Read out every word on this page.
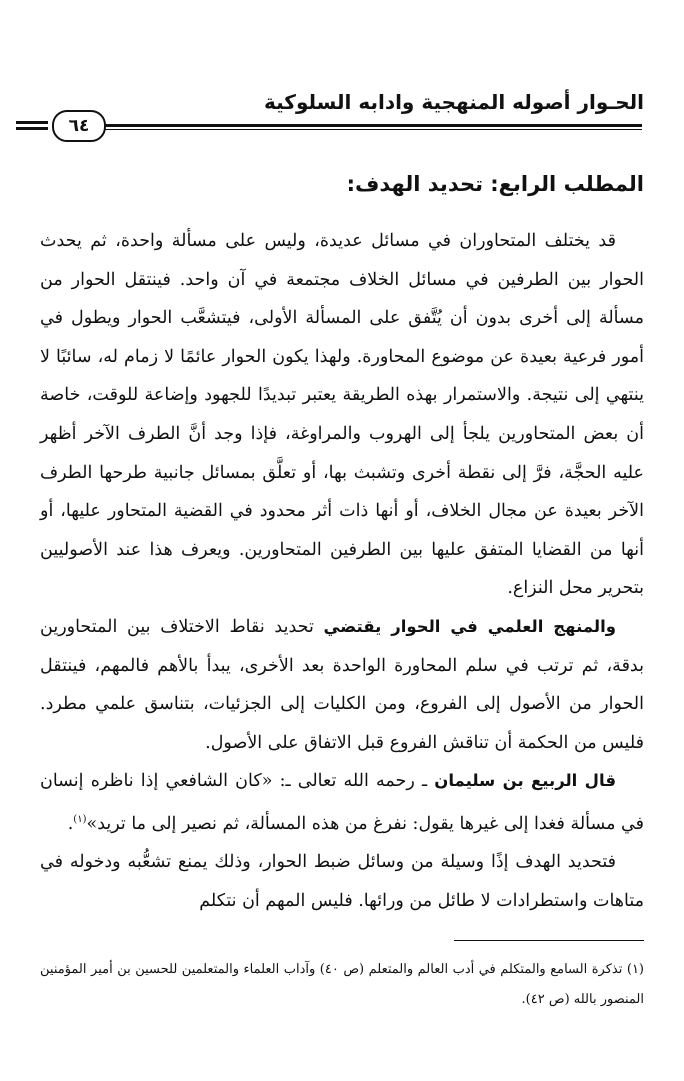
الحـوار أصوله المنهجية وادابه السلوكية
٦٤
المطلب الرابع: تحديد الهدف:

قد يختلف المتحاوران في مسائل عديدة، وليس على مسألة واحدة، ثم يحدث الحوار بين الطرفين في مسائل الخلاف مجتمعة في آن واحد. فينتقل الحوار من مسألة إلى أخرى بدون أن يُتَّفق على المسألة الأولى، فيتشعَّب الحوار ويطول في أمور فرعية بعيدة عن موضوع المحاورة. ولهذا يكون الحوار عائمًا لا زمام له، سائبًا لا ينتهي إلى نتيجة. والاستمرار بهذه الطريقة يعتبر تبديدًا للجهود وإضاعة للوقت، خاصة أن بعض المتحاورين يلجأ إلى الهروب والمراوغة، فإذا وجد أنَّ الطرف الآخر أظهر عليه الحجَّة، فرَّ إلى نقطة أخرى وتشبث بها، أو تعلَّق بمسائل جانبية طرحها الطرف الآخر بعيدة عن مجال الخلاف، أو أنها ذات أثر محدود في القضية المتحاور عليها، أو أنها من القضايا المتفق عليها بين الطرفين المتحاورين. ويعرف هذا عند الأصوليين بتحرير محل النزاع.

والمنهج العلمي في الحوار يقتضي تحديد نقاط الاختلاف بين المتحاورين بدقة، ثم ترتب في سلم المحاورة الواحدة بعد الأخرى، يبدأ بالأهم فالمهم، فينتقل الحوار من الأصول إلى الفروع، ومن الكليات إلى الجزئيات، بتناسق علمي مطرد. فليس من الحكمة أن تناقش الفروع قبل الاتفاق على الأصول.

قال الربيع بن سليمان ـ رحمه الله تعالى ـ: «كان الشافعي إذا ناظره إنسان في مسألة فغدا إلى غيرها يقول: نفرغ من هذه المسألة، ثم نصير إلى ما تريد»$^{(١)}$.

فتحديد الهدف إذًا وسيلة من وسائل ضبط الحوار، وذلك يمنع تشعُّبه ودخوله في متاهات واستطرادات لا طائل من ورائها. فليس المهم أن نتكلم

(١) تذكرة السامع والمتكلم في أدب العالم والمتعلم (ص ٤٠) وآداب العلماء والمتعلمين للحسين بن أمير المؤمنين المنصور بالله (ص ٤٢).
